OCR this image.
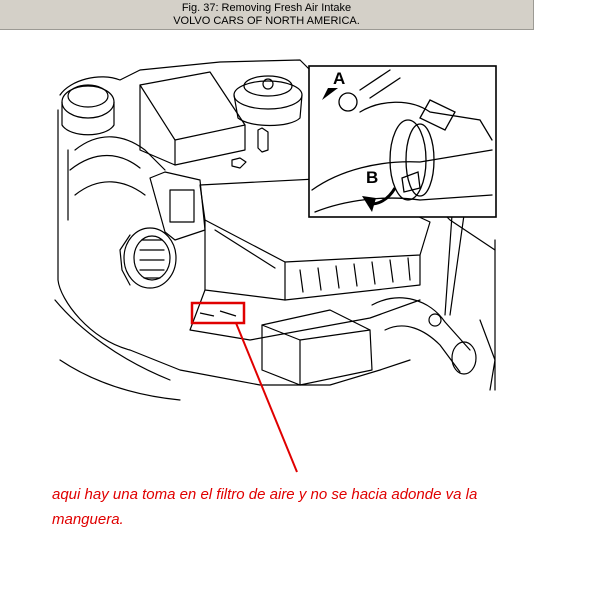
Fig. 37: Removing Fresh Air Intake
VOLVO CARS OF NORTH AMERICA.
A
B
aqui hay una toma en el filtro de aire y no se hacia adonde va la manguera.
